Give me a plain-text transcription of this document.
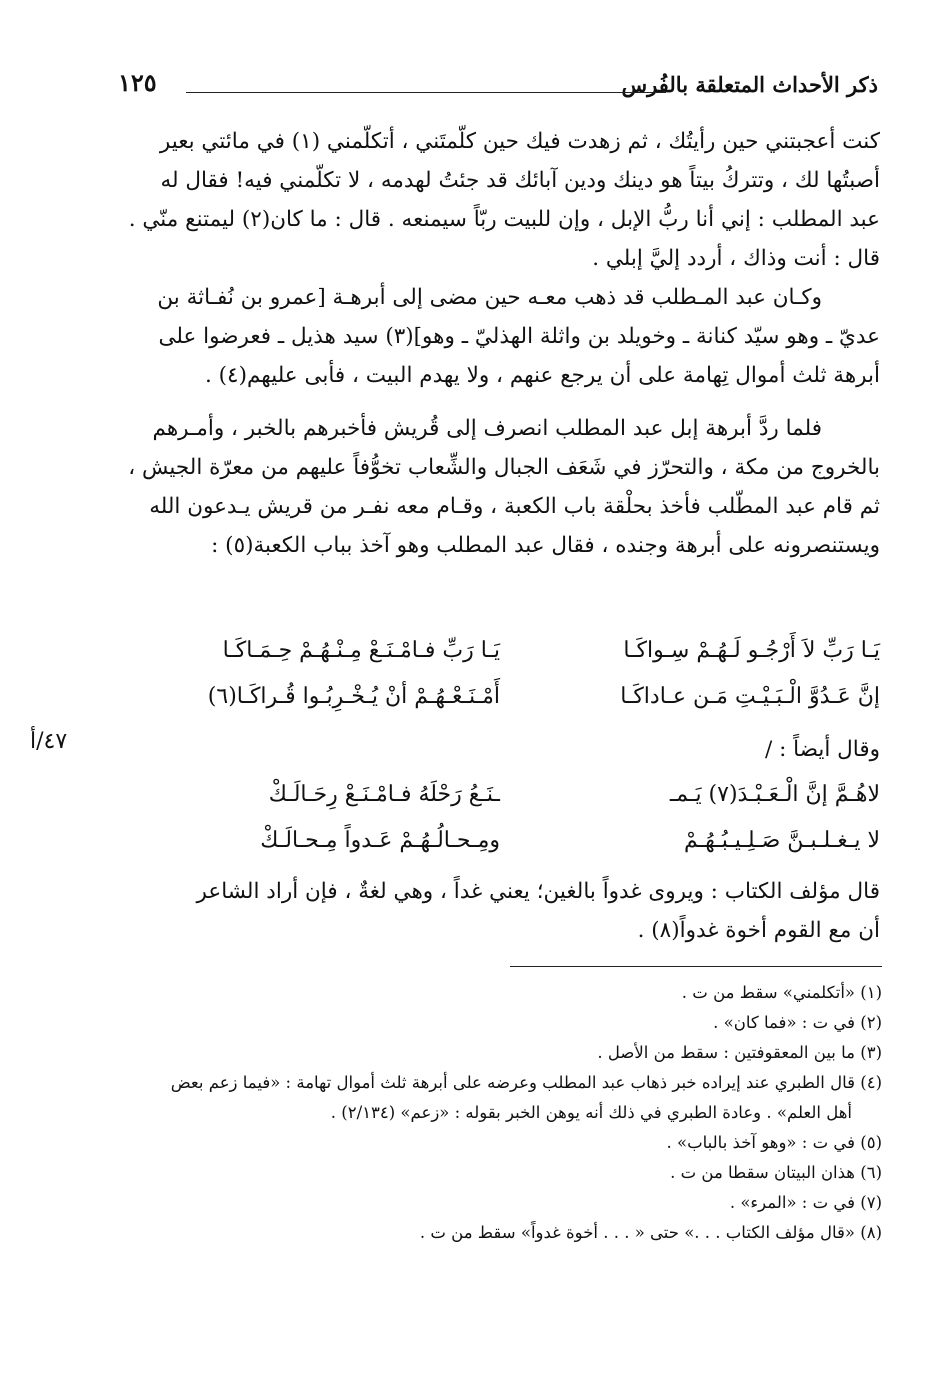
ذكر الأحداث المتعلقة بالفُرس
١٢٥
كنت أعجبتني حين رأيتُك ، ثم زهدت فيك حين كلّمتَني ، أتكلّمني (١) في مائتي بعير
أصبتُها لك ، وتتركُ بيتاً هو دينك ودين آبائك قد جئتُ لهدمه ، لا تكلّمني فيه! فقال له
عبد المطلب : إني أنا ربُّ الإبل ، وإن للبيت ربّاً سيمنعه . قال : ما كان(٢) ليمتنع منّي .
قال : أنت وذاك ، أردد إليَّ إبلي .
وكـان عبد المـطلب قد ذهب معـه حين مضى إلى أبرهـة [عمرو بن نُفـاثة بن
عديّ ـ وهو سيّد كنانة ـ وخويلد بن واثلة الهذليّ ـ وهو](٣) سيد هذيل ـ فعرضوا على
أبرهة ثلث أموال تِهامة على أن يرجع عنهم ، ولا يهدم البيت ، فأبى عليهم(٤) .
فلما ردَّ أبرهة إبل عبد المطلب انصرف إلى قُريش فأخبرهم بالخبر ، وأمـرهم
بالخروج من مكة ، والتحرّز في شَعَف الجبال والشِّعاب تخوُّفاً عليهم من معرّة الجيش ،
ثم قام عبد المطّلب فأخذ بحلْقة باب الكعبة ، وقـام معه نفـر من قريش يـدعون الله
ويستنصرونه على أبرهة وجنده ، فقال عبد المطلب وهو آخذ بباب الكعبة(٥) :
يَـا رَبِّ لاَ أَرْجُـو لَـهُـمْ سِـواكَـا
يَـا رَبِّ فـامْـنَـعْ مِـنْـهُـمْ حِـمَـاكَـا
إنَّ عَـدُوَّ الْـبَـيْـتِ مَـن عـاداكَـا
أَمْـنَـعْـهُـمْ أنْ يُـخْـرِبُـوا قُـراكَـا(٦)
وقال أيضاً : /
٤٧/أ
لاهُـمَّ إنَّ الْـعَـبْـدَ(٧) يَـمـ
ـنَـعُ رَحْلَهُ فـامْـنَـعْ رِحَـالَـكْ
لا يـغـلـبـنَّ صَـلِـيـبُـهُـمْ
ومِـحـالُـهُـمْ عَـدواً مِـحـالَـكْ
قال مؤلف الكتاب : ويروى غدواً بالغين؛ يعني غداً ، وهي لغةٌ ، فإن أراد الشاعر
أن مع القوم أخوة غدواً(٨) .
(١) «أتكلمني» سقط من ت .
(٢) في ت : «فما كان» .
(٣) ما بين المعقوفتين : سقط من الأصل .
(٤) قال الطبري عند إيراده خبر ذهاب عبد المطلب وعرضه على أبرهة ثلث أموال تهامة : «فيما زعم بعض
أهل العلم» . وعادة الطبري في ذلك أنه يوهن الخبر بقوله : «زعم» (٢/١٣٤) .
(٥) في ت : «وهو آخذ بالباب» .
(٦) هذان البيتان سقطا من ت .
(٧) في ت : «المرء» .
(٨) «قال مؤلف الكتاب . . .» حتى « . . . أخوة غدواً» سقط من ت .
